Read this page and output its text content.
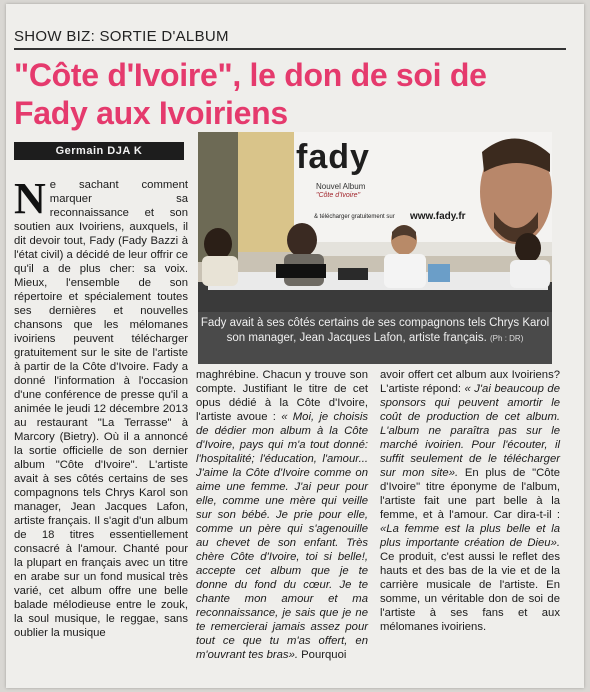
SHOW BIZ: SORTIE D'ALBUM
"Côte d'Ivoire", le don de soi de
Fady aux Ivoiriens
Germain DJA K
N e sachant comment marquer sa reconnaissance et son soutien aux Ivoiriens, auxquels, il dit devoir tout, Fady (Fady Bazzi à l'état civil) a décidé de leur offrir ce qu'il a de plus cher: sa voix. Mieux, l'ensemble de son répertoire et spécialement toutes ses dernières et nouvelles chansons que les mélomanes ivoiriens peuvent télécharger gratuitement sur le site de l'artiste à partir de la Côte d'Ivoire. Fady a donné l'information à l'occasion d'une conférence de presse qu'il a animée le jeudi 12 décembre 2013 au restaurant "La Terrasse" à Marcory (Bietry). Où il a annoncé la sortie officielle de son dernier album "Côte d'Ivoire". L'artiste avait à ses côtés certains de ses compagnons tels Chrys Karol son manager, Jean Jacques Lafon, artiste français. Il s'agit d'un album de 18 titres essentiellement consacré à l'amour. Chanté pour la plupart en français avec un titre en arabe sur un fond musical très varié, cet album offre une belle balade mélodieuse entre le zouk, la soul musique, le reggae, sans oublier la musique
fady
Nouvel Album
"Côte d'Ivoire"
& télécharger gratuitement sur www.fady.fr
Fady avait à ses côtés certains de ses compagnons tels Chrys Karol son manager, Jean Jacques Lafon, artiste français. (Ph : DR)
maghrébine. Chacun y trouve son compte. Justifiant le titre de cet opus dédié à la Côte d'Ivoire, l'artiste avoue : « Moi, je choisis de dédier mon album à la Côte d'Ivoire, pays qui m'a tout donné: l'hospitalité; l'éducation, l'amour... J'aime la Côte d'Ivoire comme on aime une femme. J'ai peur pour elle, comme une mère qui veille sur son bébé. Je prie pour elle, comme un père qui s'agenouille au chevet de son enfant. Très chère Côte d'Ivoire, toi si belle!, accepte cet album que je te donne du fond du cœur. Je te chante mon amour et ma reconnaissance, je sais que je ne te remercierai jamais assez pour tout ce que tu m'as offert, en m'ouvrant tes bras». Pourquoi
avoir offert cet album aux Ivoiriens? L'artiste répond: « J'ai beaucoup de sponsors qui peuvent amortir le coût de production de cet album. L'album ne paraîtra pas sur le marché ivoirien. Pour l'écouter, il suffit seulement de le télécharger sur mon site». En plus de "Côte d'Ivoire" titre éponyme de l'album, l'artiste fait une part belle à la femme, et à l'amour. Car dira-t-il : «La femme est la plus belle et la plus importante création de Dieu». Ce produit, c'est aussi le reflet des hauts et des bas de la vie et de la carrière musicale de l'artiste. En somme, un véritable don de soi de l'artiste à ses fans et aux mélomanes ivoiriens.
